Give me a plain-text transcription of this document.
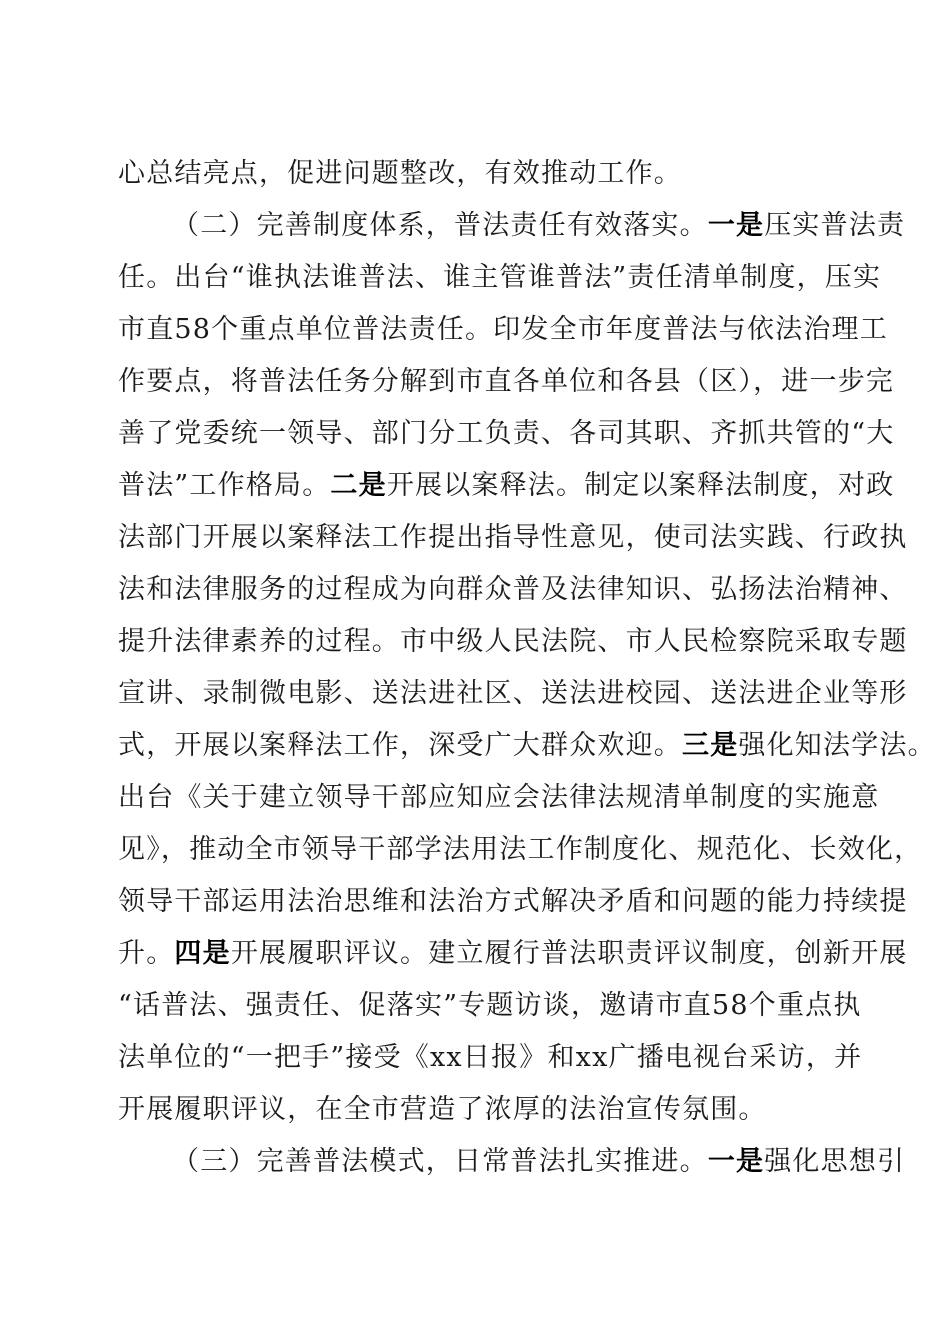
心总结亮点，促进问题整改，有效推动工作。
（二）完善制度体系，普法责任有效落实。一是压实普法责
任。出台“谁执法谁普法、谁主管谁普法”责任清单制度，压实
市直58个重点单位普法责任。印发全市年度普法与依法治理工
作要点，将普法任务分解到市直各单位和各县（区），进一步完
善了党委统一领导、部门分工负责、各司其职、齐抓共管的“大
普法”工作格局。二是开展以案释法。制定以案释法制度，对政
法部门开展以案释法工作提出指导性意见，使司法实践、行政执
法和法律服务的过程成为向群众普及法律知识、弘扬法治精神、
提升法律素养的过程。市中级人民法院、市人民检察院采取专题
宣讲、录制微电影、送法进社区、送法进校园、送法进企业等形
式，开展以案释法工作，深受广大群众欢迎。三是强化知法学法。
出台《关于建立领导干部应知应会法律法规清单制度的实施意
见》，推动全市领导干部学法用法工作制度化、规范化、长效化，
领导干部运用法治思维和法治方式解决矛盾和问题的能力持续提
升。四是开展履职评议。建立履行普法职责评议制度，创新开展
“话普法、强责任、促落实”专题访谈，邀请市直58个重点执
法单位的“一把手”接受《xx日报》和xx广播电视台采访，并
开展履职评议，在全市营造了浓厚的法治宣传氛围。
（三）完善普法模式，日常普法扎实推进。一是强化思想引
